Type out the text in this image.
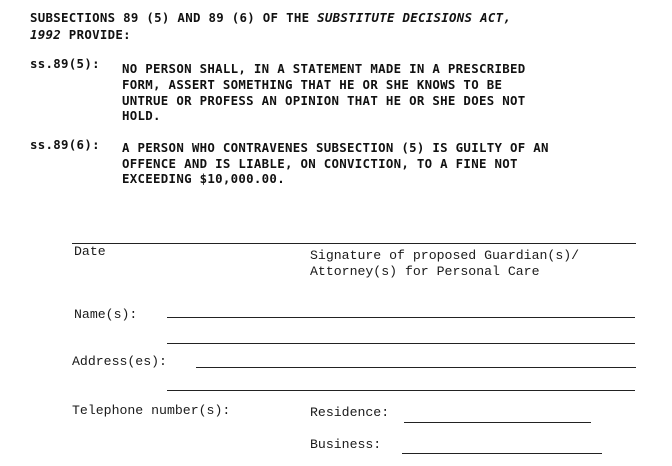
SUBSECTIONS 89 (5) AND 89 (6) OF THE SUBSTITUTE DECISIONS ACT,
1992 PROVIDE:
ss.89(5): NO PERSON SHALL, IN A STATEMENT MADE IN A PRESCRIBED
FORM, ASSERT SOMETHING THAT HE OR SHE KNOWS TO BE
UNTRUE OR PROFESS AN OPINION THAT HE OR SHE DOES NOT
HOLD.
ss.89(6): A PERSON WHO CONTRAVENES SUBSECTION (5) IS GUILTY OF AN
OFFENCE AND IS LIABLE, ON CONVICTION, TO A FINE NOT
EXCEEDING $10,000.00.
Date	Signature of proposed Guardian(s)/
Attorney(s) for Personal Care
Name(s):
Address(es):
Telephone number(s):	Residence:
Business:
